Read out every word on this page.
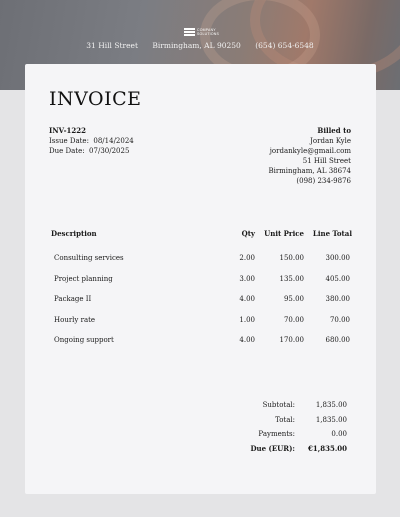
COMPANY
SOLUTIONS
31 Hill Street Birmingham, AL 90250 (654) 654-6548
INVOICE
INV-1222
Issue Date: 08/14/2024
Due Date: 07/30/2025
Billed to
Jordan Kyle
jordankyle@gmail.com
51 Hill Street
Birmingham, AL 38674
(098) 234-9876
Description	Qty	Unit Price	Line Total
Consulting services	2.00	150.00	300.00
Project planning	3.00	135.00	405.00
Package II	4.00	95.00	380.00
Hourly rate	1.00	70.00	70.00
Ongoing support	4.00	170.00	680.00
Subtotal:	1,835.00
Total:	1,835.00
Payments:	0.00
Due (EUR):	€1,835.00
